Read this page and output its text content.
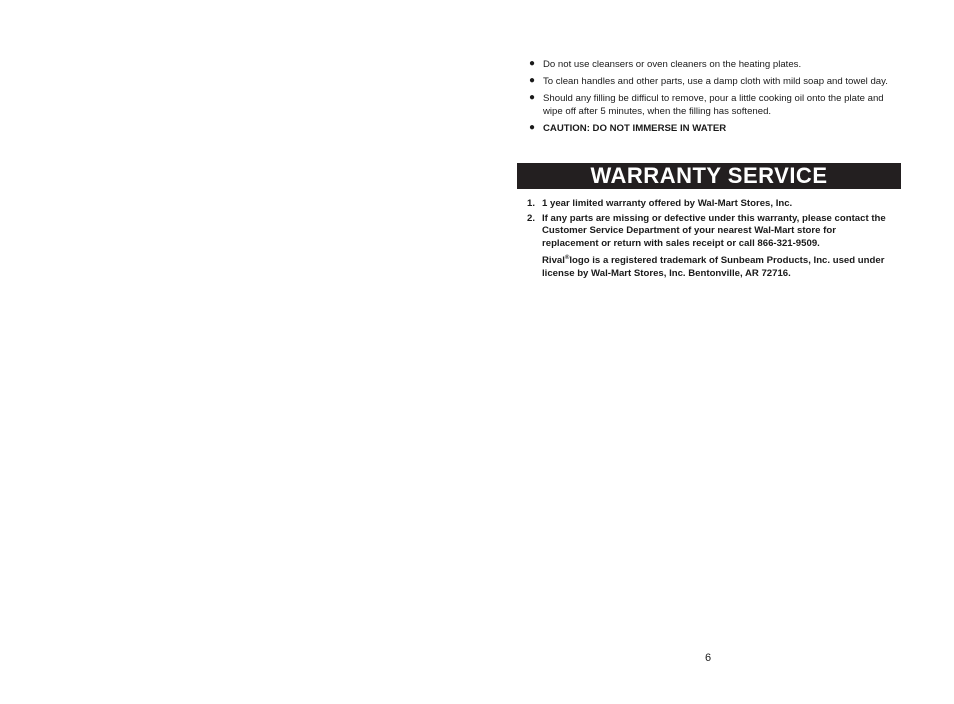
● Do not use cleansers or oven cleaners on the heating plates.
● To clean handles and other parts, use a damp cloth with mild soap and towel day.
● Should any filling be difficul to remove, pour a little cooking oil onto the plate and wipe off after 5 minutes, when the filling has softened.
● CAUTION: DO NOT IMMERSE IN WATER
WARRANTY SERVICE
1. 1 year limited warranty offered by Wal-Mart Stores, Inc.
2. If any parts are missing or defective under this warranty, please contact the Customer Service Department of your nearest Wal-Mart store for replacement or return with sales receipt or call 866-321-9509.
Rival®logo is a registered trademark of Sunbeam Products, Inc. used under license by Wal-Mart Stores, Inc. Bentonville, AR 72716.
6
